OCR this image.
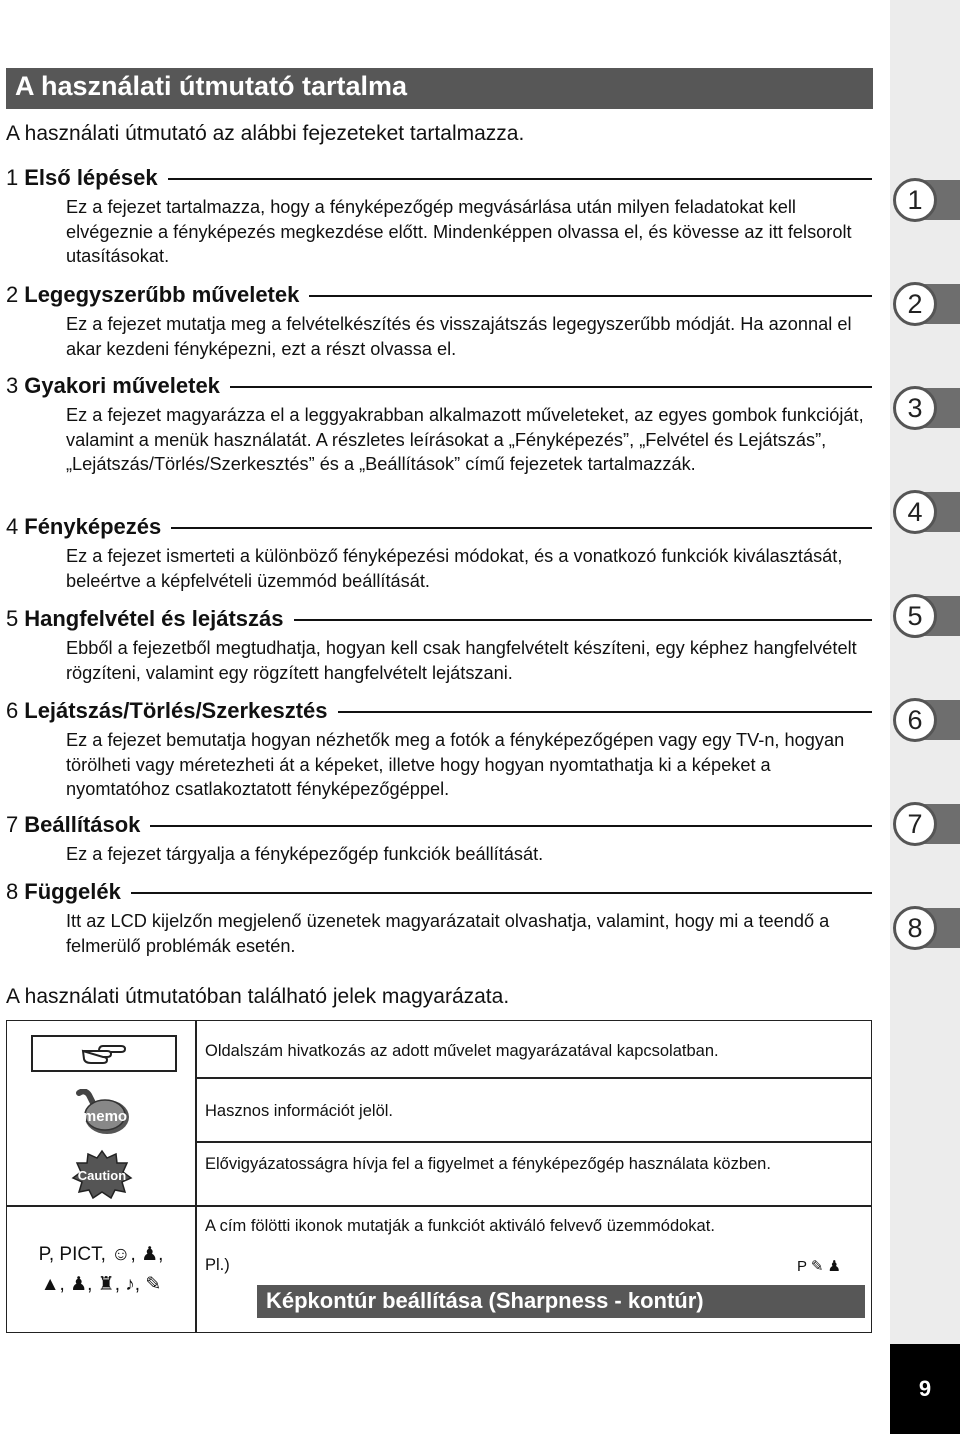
1
2
3
4
5
6
7
8
9
A használati útmutató tartalma
A használati útmutató az alábbi fejezeteket tartalmazza.
1 Első lépések
Ez a fejezet tartalmazza, hogy a fényképezőgép megvásárlása után milyen feladatokat kell elvégeznie a fényképezés megkezdése előtt. Mindenképpen olvassa el, és kövesse az itt felsorolt utasításokat.
2 Legegyszerűbb műveletek
Ez a fejezet mutatja meg a felvételkészítés és visszajátszás legegyszerűbb módját. Ha azonnal el akar kezdeni fényképezni, ezt a részt olvassa el.
3 Gyakori műveletek
Ez a fejezet magyarázza el a leggyakrabban alkalmazott műveleteket, az egyes gombok funkcióját, valamint a menük használatát. A részletes leírásokat a „Fényképezés”, „Felvétel és Lejátszás”, „Lejátszás/Törlés/Szerkesztés” és a „Beállítások” című fejezetek tartalmazzák.
4 Fényképezés
Ez a fejezet ismerteti a különböző fényképezési módokat, és a vonatkozó funkciók kiválasztását, beleértve a képfelvételi üzemmód beállítását.
5 Hangfelvétel és lejátszás
Ebből a fejezetből megtudhatja, hogyan kell csak hangfelvételt készíteni, egy képhez hangfelvételt rögzíteni, valamint egy rögzített hangfelvételt lejátszani.
6 Lejátszás/Törlés/Szerkesztés
Ez a fejezet bemutatja hogyan nézhetők meg a fotók a fényképezőgépen vagy egy TV-n, hogyan törölheti vagy méretezheti át a képeket, illetve hogy hogyan nyomtathatja ki a képeket a nyomtatóhoz csatlakoztatott fényképezőgéppel.
7 Beállítások
Ez a fejezet tárgyalja a fényképezőgép funkciók beállítását.
8 Függelék
Itt az LCD kijelzőn megjelenő üzenetek magyarázatait olvashatja, valamint, hogy mi a teendő a felmerülő problémák esetén.
A használati útmutatóban található jelek magyarázata.
Oldalszám hivatkozás az adott művelet magyarázatával kapcsolatban.
memo	Hasznos információt jelöl.
Caution
Elővigyázatosságra hívja fel a figyelmet a fényképezőgép használata közben.
P, PICT, ☺, ♟,
▲, ♟, ♜, ♪, ✎
A cím fölötti ikonok mutatják a funkciót aktiváló felvevő üzemmódokat.
Pl.)	P ✎ ♟
Képkontúr beállítása (Sharpness - kontúr)
